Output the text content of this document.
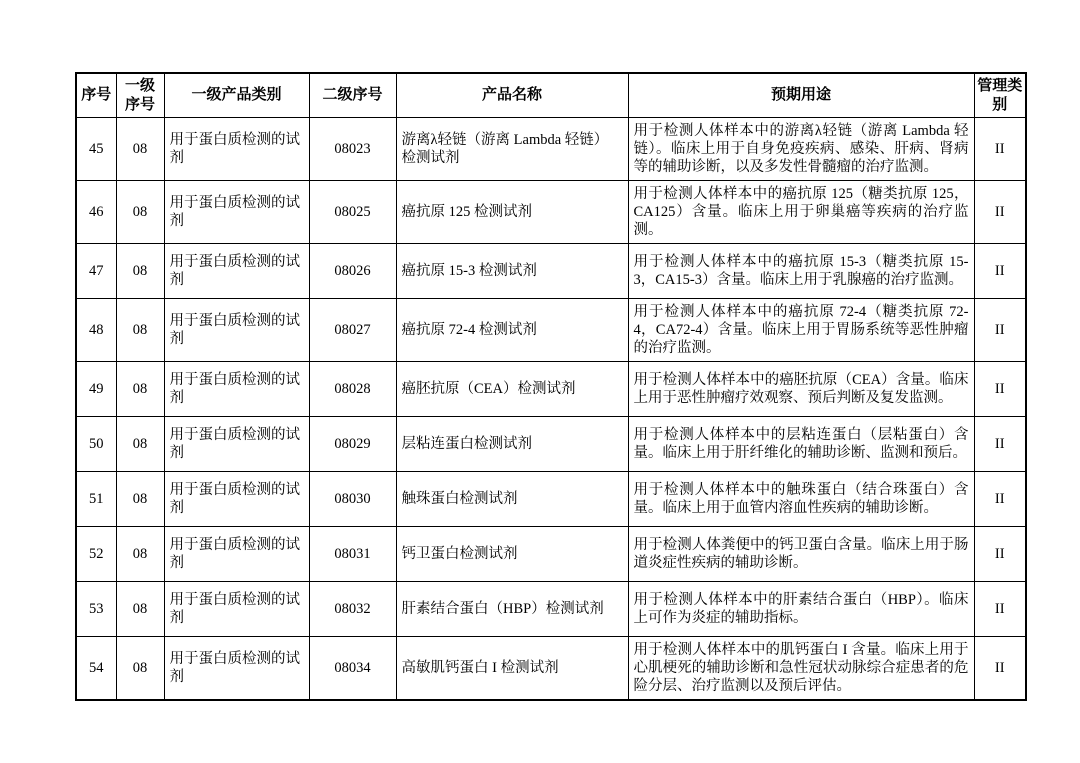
序号	一级序号	一级产品类别	二级序号	产品名称	预期用途	管理类别
45	08	用于蛋白质检测的试剂	08023	游离λ轻链（游离 Lambda 轻链）检测试剂	用于检测人体样本中的游离λ轻链（游离 Lambda 轻链）。临床上用于自身免疫疾病、感染、肝病、肾病等的辅助诊断，以及多发性骨髓瘤的治疗监测。	II
46	08	用于蛋白质检测的试剂	08025	癌抗原 125 检测试剂	用于检测人体样本中的癌抗原 125（糖类抗原 125，CA125）含量。临床上用于卵巢癌等疾病的治疗监测。	II
47	08	用于蛋白质检测的试剂	08026	癌抗原 15-3 检测试剂	用于检测人体样本中的癌抗原 15-3（糖类抗原 15-3，CA15-3）含量。临床上用于乳腺癌的治疗监测。	II
48	08	用于蛋白质检测的试剂	08027	癌抗原 72-4 检测试剂	用于检测人体样本中的癌抗原 72-4（糖类抗原 72-4，CA72-4）含量。临床上用于胃肠系统等恶性肿瘤的治疗监测。	II
49	08	用于蛋白质检测的试剂	08028	癌胚抗原（CEA）检测试剂	用于检测人体样本中的癌胚抗原（CEA）含量。临床上用于恶性肿瘤疗效观察、预后判断及复发监测。	II
50	08	用于蛋白质检测的试剂	08029	层粘连蛋白检测试剂	用于检测人体样本中的层粘连蛋白（层粘蛋白）含量。临床上用于肝纤维化的辅助诊断、监测和预后。	II
51	08	用于蛋白质检测的试剂	08030	触珠蛋白检测试剂	用于检测人体样本中的触珠蛋白（结合珠蛋白）含量。临床上用于血管内溶血性疾病的辅助诊断。	II
52	08	用于蛋白质检测的试剂	08031	钙卫蛋白检测试剂	用于检测人体粪便中的钙卫蛋白含量。临床上用于肠道炎症性疾病的辅助诊断。	II
53	08	用于蛋白质检测的试剂	08032	肝素结合蛋白（HBP）检测试剂	用于检测人体样本中的肝素结合蛋白（HBP）。临床上可作为炎症的辅助指标。	II
54	08	用于蛋白质检测的试剂	08034	高敏肌钙蛋白 I 检测试剂	用于检测人体样本中的肌钙蛋白 I 含量。临床上用于心肌梗死的辅助诊断和急性冠状动脉综合症患者的危险分层、治疗监测以及预后评估。	II
